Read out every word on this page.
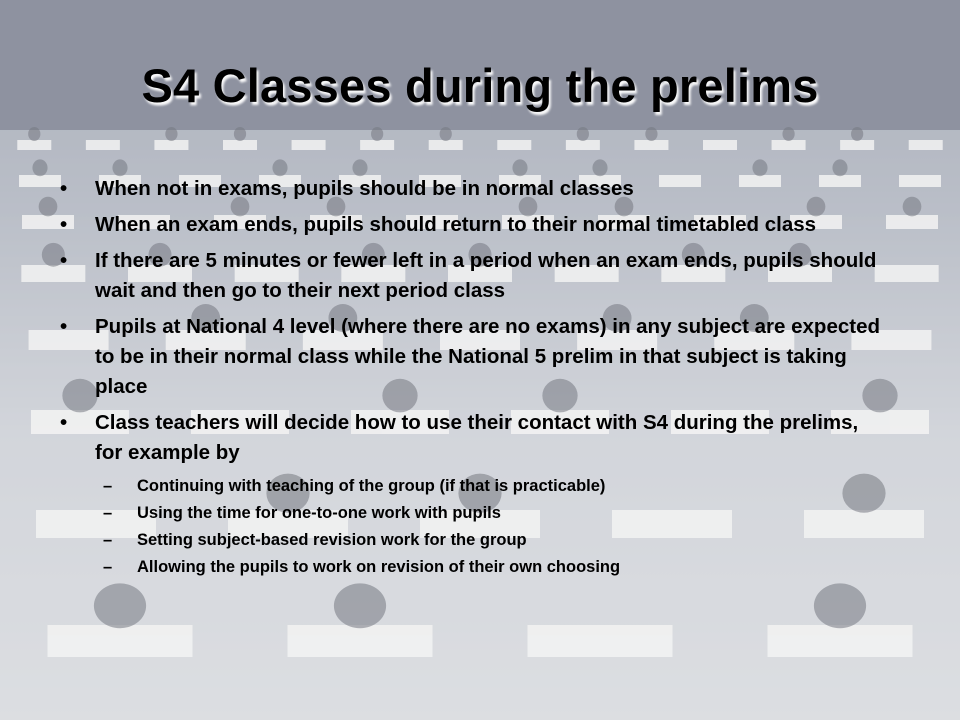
S4 Classes during the prelims
• When not in exams, pupils should be in normal classes
• When an exam ends, pupils should return to their normal timetabled class
• If there are 5 minutes or fewer left in a period when an exam ends, pupils should wait and then go to their next period class
• Pupils at National 4 level (where there are no exams) in any subject are expected to be in their normal class while the National 5 prelim in that subject is taking place
• Class teachers will decide how to use their contact with S4 during the prelims, for example by
– Continuing with teaching of the group (if that is practicable)
– Using the time for one-to-one work with pupils
– Setting subject-based revision work for the group
– Allowing the pupils to work on revision of their own choosing
